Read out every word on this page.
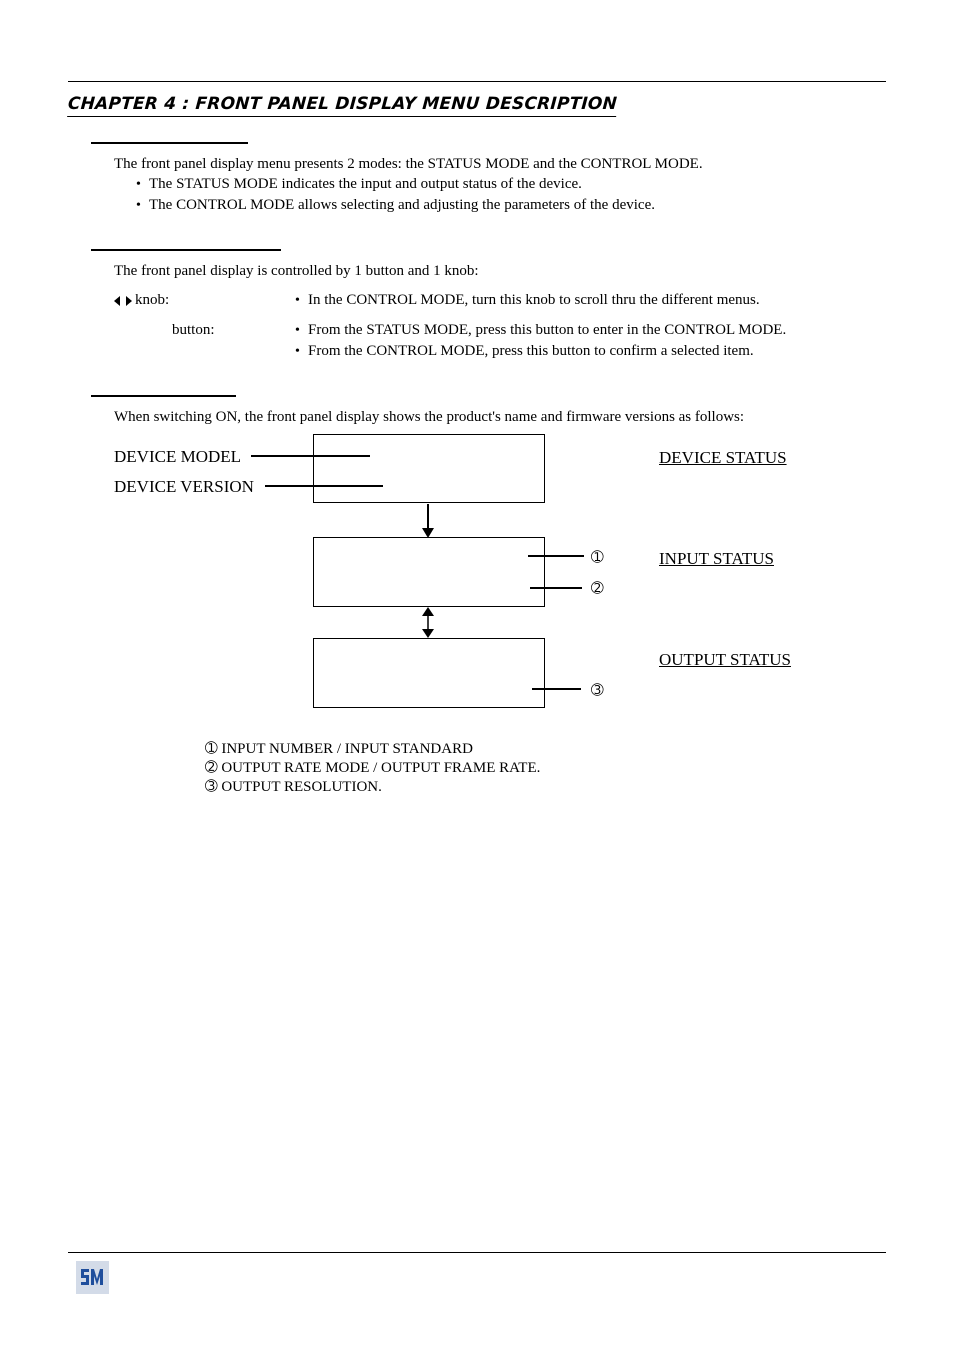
CHAPTER 4 : FRONT PANEL DISPLAY MENU DESCRIPTION
The front panel display menu presents 2 modes: the STATUS MODE and the CONTROL MODE.
• The STATUS MODE indicates the input and output status of the device.
• The CONTROL MODE allows selecting and adjusting the parameters of the device.
The front panel display is controlled by 1 button and 1 knob:
knob:	• In the CONTROL MODE, turn this knob to scroll thru the different menus.
button:	• From the STATUS MODE, press this button to enter in the CONTROL MODE.
• From the CONTROL MODE, press this button to confirm a selected item.
When switching ON, the front panel display shows the product's name and firmware versions as follows:
DEVICE MODEL
DEVICE VERSION
DEVICE STATUS
➀
➁
INPUT STATUS
➂
OUTPUT STATUS
➀ INPUT NUMBER / INPUT STANDARD
➁ OUTPUT RATE MODE / OUTPUT FRAME RATE.
➂ OUTPUT RESOLUTION.
